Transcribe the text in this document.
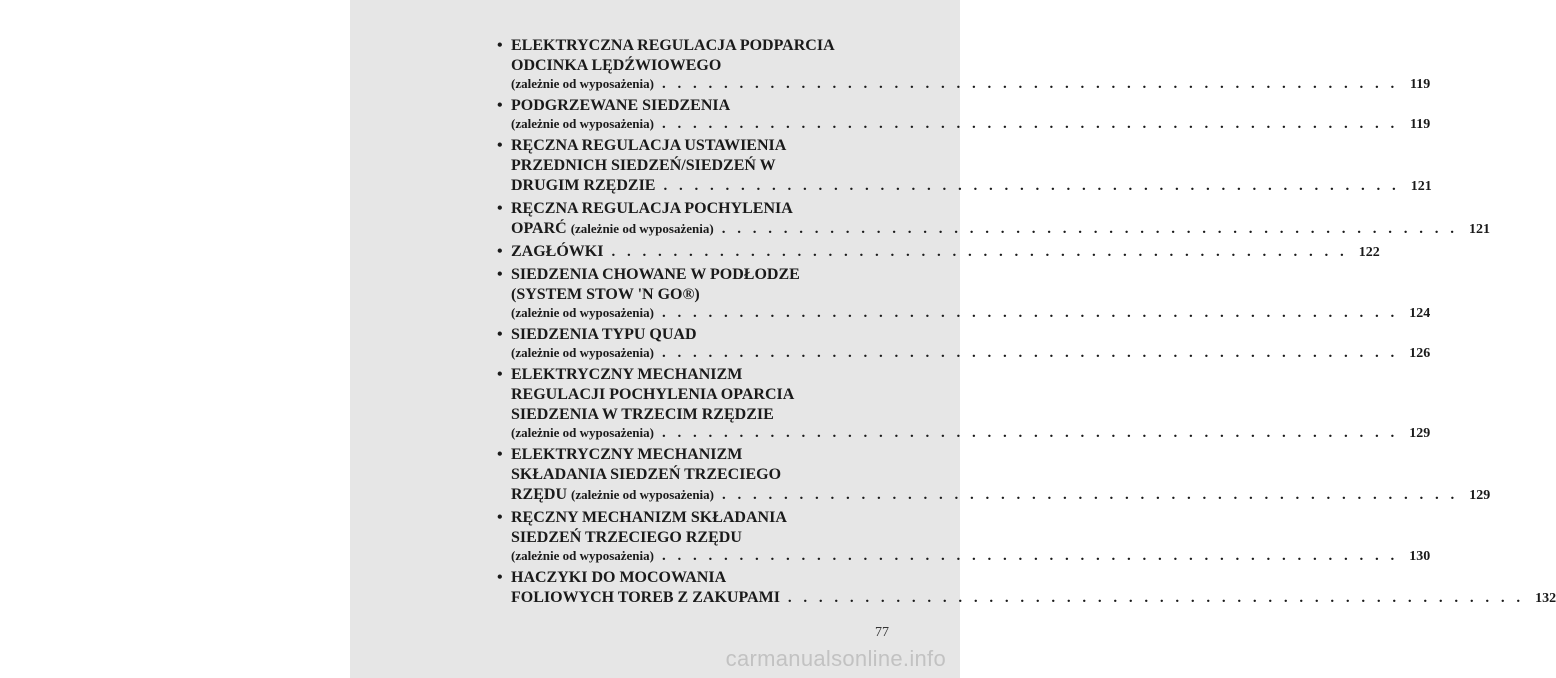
• ELEKTRYCZNA REGULACJA PODPARCIA
ODCINKA LĘDŹWIOWEGO
(zależnie od wyposażenia) . . . . . . . . . . . . . . . . . . . . . . . . . . . . . . . . . . . . . . . . . . . . . . . . 119
• PODGRZEWANE SIEDZENIA
(zależnie od wyposażenia) . . . . . . . . . . . . . . . . . . . . . . . . . . . . . . . . . . . . . . . . . . . . . . . . 119
• RĘCZNA REGULACJA USTAWIENIA
PRZEDNICH SIEDZEŃ/SIEDZEŃ W
DRUGIM RZĘDZIE . . . . . . . . . . . . . . . . . . . . . . . . . . . . . . . . . . . . . . . . . . . . . . . . 121
• RĘCZNA REGULACJA POCHYLENIA
OPARĆ (zależnie od wyposażenia) . . . . . . . . . . . . . . . . . . . . . . . . . . . . . . . . . . . . . . . . . . . . . . . . 121
• ZAGŁÓWKI . . . . . . . . . . . . . . . . . . . . . . . . . . . . . . . . . . . . . . . . . . . . . . . . 122
• SIEDZENIA CHOWANE W PODŁODZE
(SYSTEM STOW 'N GO®)
(zależnie od wyposażenia) . . . . . . . . . . . . . . . . . . . . . . . . . . . . . . . . . . . . . . . . . . . . . . . . 124
• SIEDZENIA TYPU QUAD
(zależnie od wyposażenia) . . . . . . . . . . . . . . . . . . . . . . . . . . . . . . . . . . . . . . . . . . . . . . . . 126
• ELEKTRYCZNY MECHANIZM
REGULACJI POCHYLENIA OPARCIA
SIEDZENIA W TRZECIM RZĘDZIE
(zależnie od wyposażenia) . . . . . . . . . . . . . . . . . . . . . . . . . . . . . . . . . . . . . . . . . . . . . . . . 129
• ELEKTRYCZNY MECHANIZM
SKŁADANIA SIEDZEŃ TRZECIEGO
RZĘDU (zależnie od wyposażenia) . . . . . . . . . . . . . . . . . . . . . . . . . . . . . . . . . . . . . . . . . . . . . . . . 129
• RĘCZNY MECHANIZM SKŁADANIA
SIEDZEŃ TRZECIEGO RZĘDU
(zależnie od wyposażenia) . . . . . . . . . . . . . . . . . . . . . . . . . . . . . . . . . . . . . . . . . . . . . . . . 130
• HACZYKI DO MOCOWANIA
FOLIOWYCH TOREB Z ZAKUPAMI . . . . . . . . . . . . . . . . . . . . . . . . . . . . . . . . . . . . . . . . . . . . . . . . 132
77
carmanualsonline.info
